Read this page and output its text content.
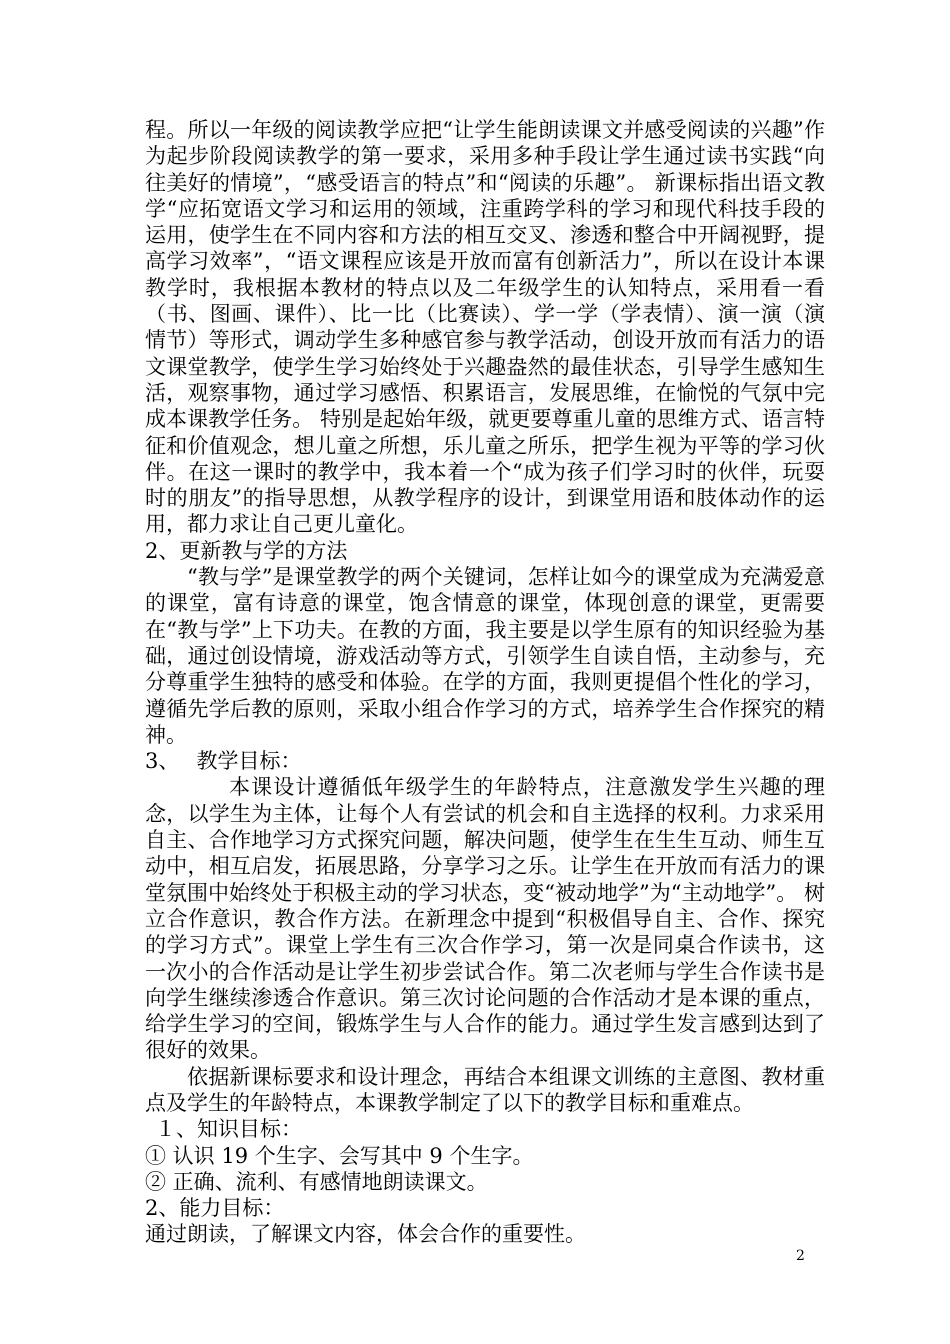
程。所以一年级的阅读教学应把“让学生能朗读课文并感受阅读的兴趣”作为起步阶段阅读教学的第一要求，采用多种手段让学生通过读书实践“向往美好的情境”，“感受语言的特点”和“阅读的乐趣”。 新课标指出语文教学“应拓宽语文学习和运用的领域，注重跨学科的学习和现代科技手段的运用，使学生在不同内容和方法的相互交叉、渗透和整合中开阔视野，提高学习效率”，“语文课程应该是开放而富有创新活力”，所以在设计本课教学时，我根据本教材的特点以及二年级学生的认知特点，采用看一看（书、图画、课件）、比一比（比赛读）、学一学（学表情）、演一演（演情节）等形式，调动学生多种感官参与教学活动，创设开放而有活力的语文课堂教学，使学生学习始终处于兴趣盎然的最佳状态，引导学生感知生活，观察事物，通过学习感悟、积累语言，发展思维，在愉悦的气氛中完成本课教学任务。 特别是起始年级，就更要尊重儿童的思维方式、语言特征和价值观念，想儿童之所想，乐儿童之所乐，把学生视为平等的学习伙伴。在这一课时的教学中，我本着一个“成为孩子们学习时的伙伴，玩耍时的朋友”的指导思想，从教学程序的设计，到课堂用语和肢体动作的运用，都力求让自己更儿童化。

2、更新教与学的方法

“教与学”是课堂教学的两个关键词，怎样让如今的课堂成为充满爱意的课堂，富有诗意的课堂，饱含情意的课堂，体现创意的课堂，更需要在“教与学”上下功夫。在教的方面，我主要是以学生原有的知识经验为基础，通过创设情境，游戏活动等方式，引领学生自读自悟，主动参与，充分尊重学生独特的感受和体验。在学的方面，我则更提倡个性化的学习，遵循先学后教的原则，采取小组合作学习的方式，培养学生合作探究的精神。

3、　 教学目标：

本课设计遵循低年级学生的年龄特点，注意激发学生兴趣的理念，以学生为主体，让每个人有尝试的机会和自主选择的权利。力求采用自主、合作地学习方式探究问题，解决问题，使学生在生生互动、师生互动中，相互启发，拓展思路，分享学习之乐。让学生在开放而有活力的课堂氛围中始终处于积极主动的学习状态，变“被动地学”为“主动地学”。 树立合作意识，教合作方法。在新理念中提到“积极倡导自主、合作、探究的学习方式”。课堂上学生有三次合作学习，第一次是同桌合作读书，这一次小的合作活动是让学生初步尝试合作。第二次老师与学生合作读书是向学生继续渗透合作意识。第三次讨论问题的合作活动才是本课的重点，给学生学习的空间，锻炼学生与人合作的能力。通过学生发言感到达到了很好的效果。

依据新课标要求和设计理念，再结合本组课文训练的主意图、教材重点及学生的年龄特点，本课教学制定了以下的教学目标和重难点。

１、知识目标：

① 认识 19 个生字、会写其中 9 个生字。

② 正确、流利、有感情地朗读课文。

2、能力目标：

通过朗读，了解课文内容，体会合作的重要性。

2
